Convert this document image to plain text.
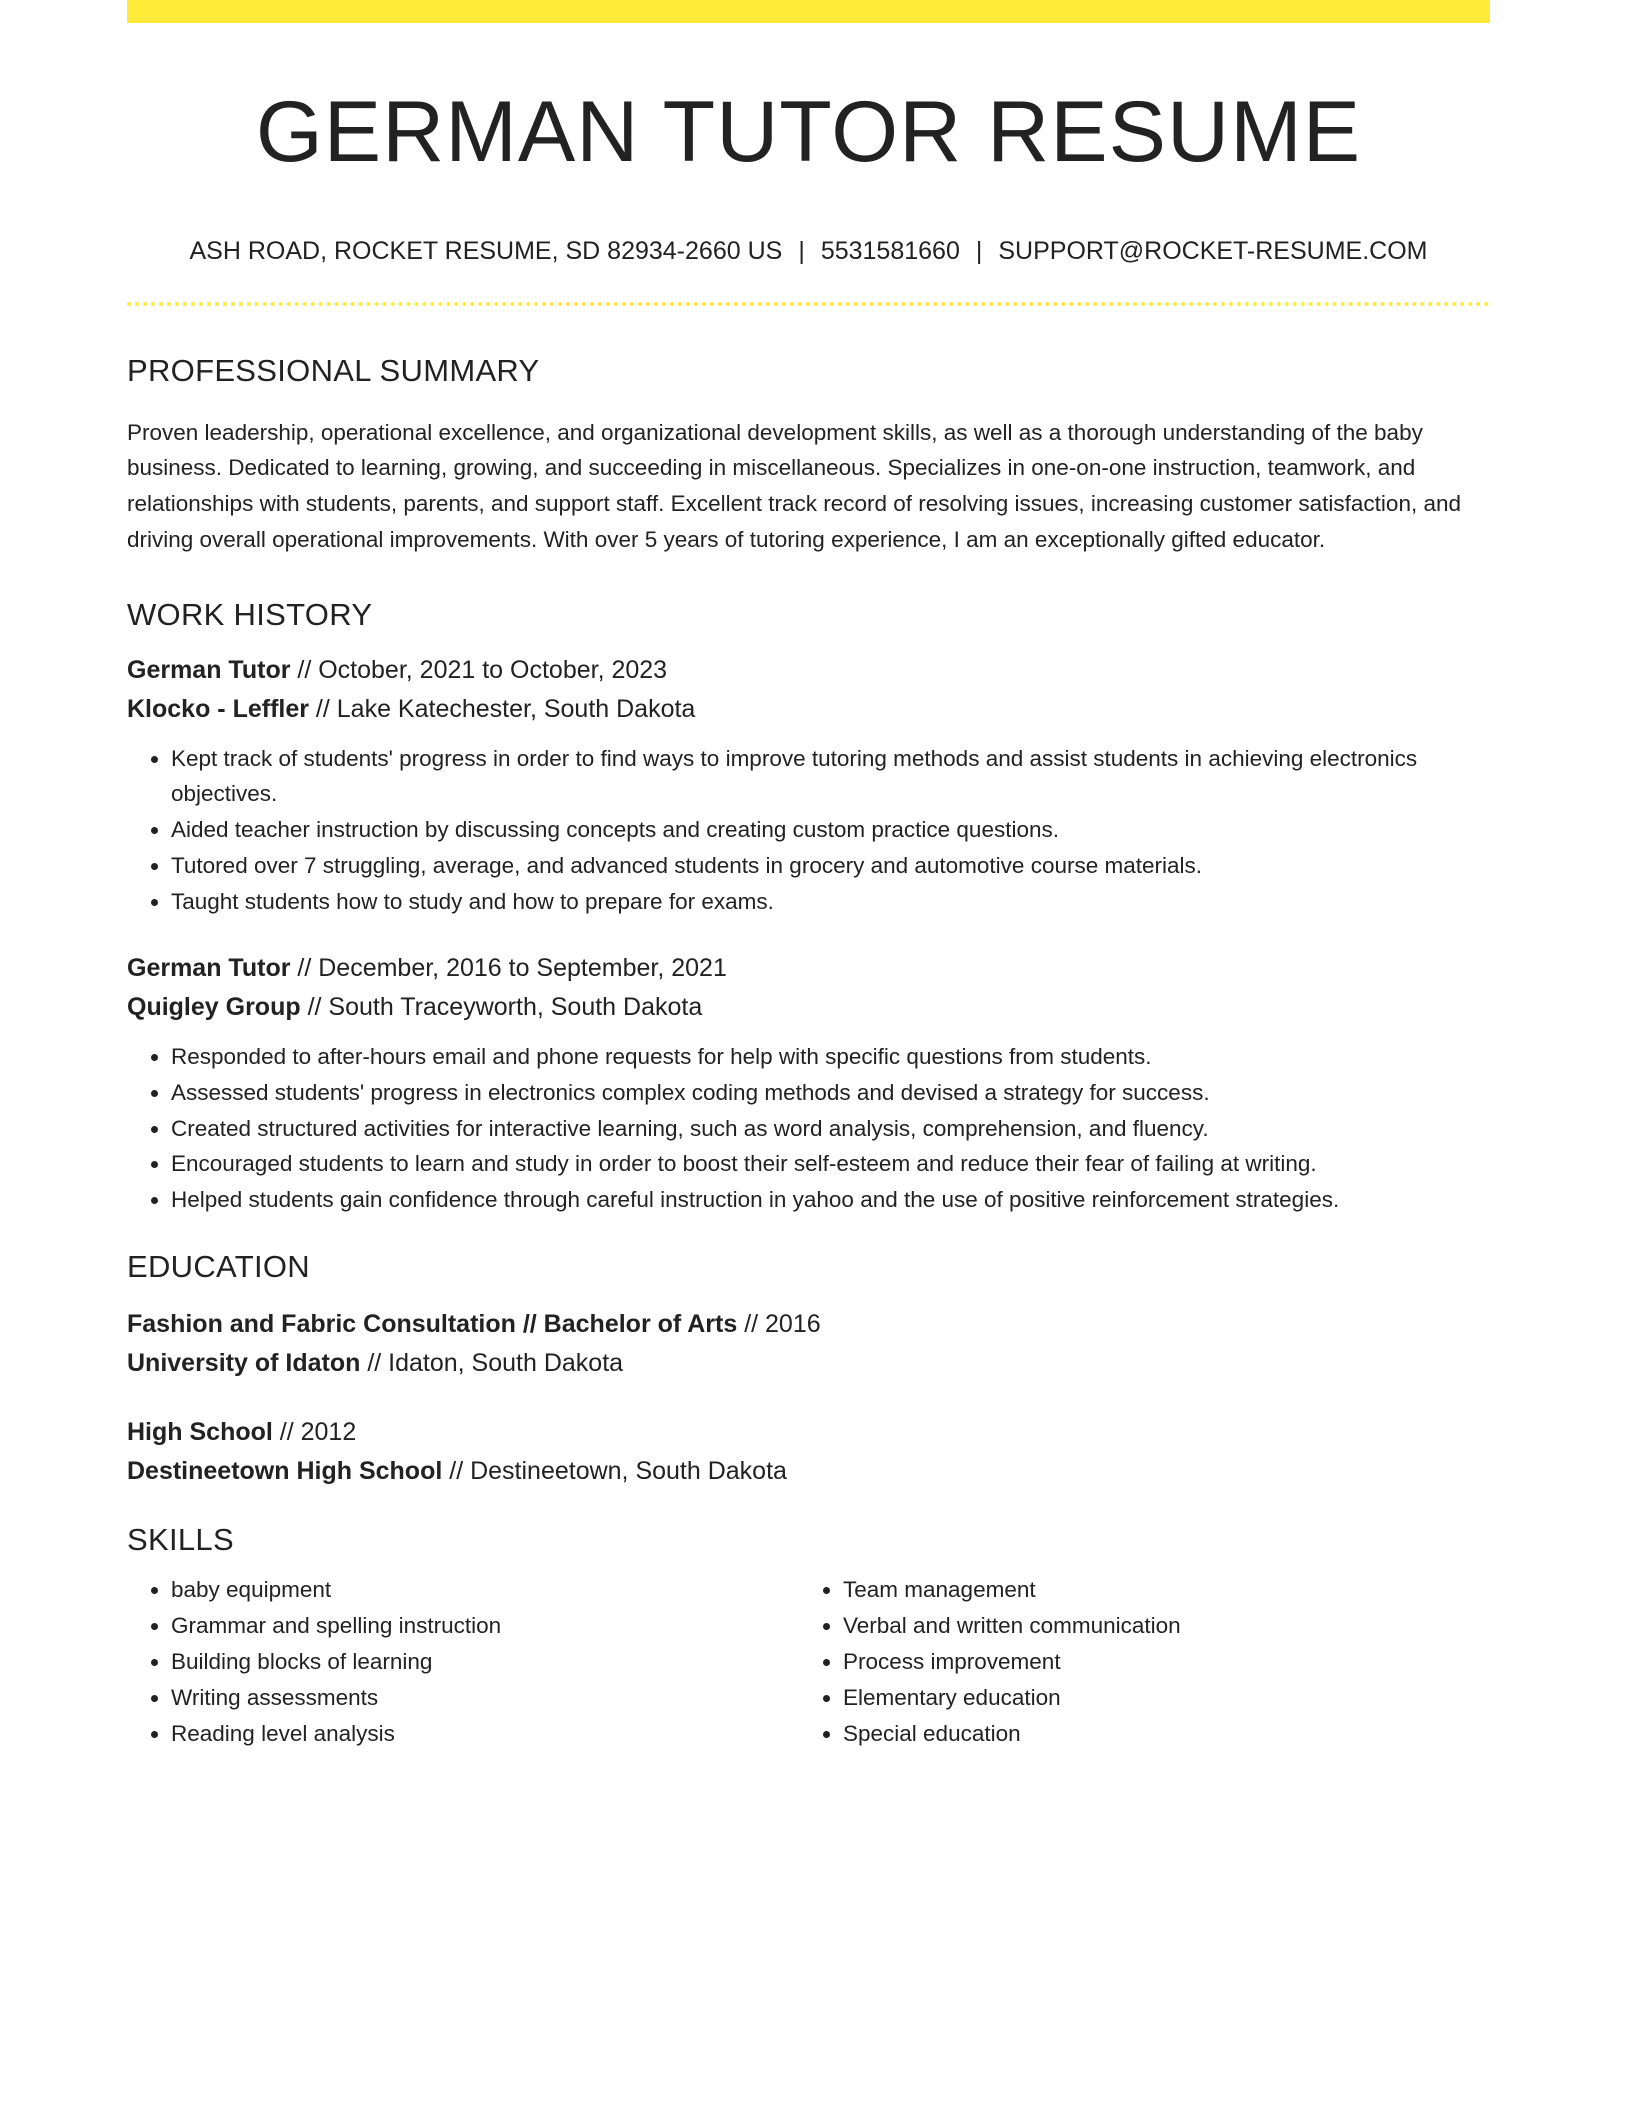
GERMAN TUTOR RESUME
ASH ROAD, ROCKET RESUME, SD 82934-2660 US | 5531581660 | SUPPORT@ROCKET-RESUME.COM
PROFESSIONAL SUMMARY

Proven leadership, operational excellence, and organizational development skills, as well as a thorough understanding of the baby business. Dedicated to learning, growing, and succeeding in miscellaneous. Specializes in one-on-one instruction, teamwork, and relationships with students, parents, and support staff. Excellent track record of resolving issues, increasing customer satisfaction, and driving overall operational improvements. With over 5 years of tutoring experience, I am an exceptionally gifted educator.

WORK HISTORY
German Tutor // October, 2021 to October, 2023
Klocko - Leffler // Lake Katechester, South Dakota
• Kept track of students' progress in order to find ways to improve tutoring methods and assist students in achieving electronics objectives.
• Aided teacher instruction by discussing concepts and creating custom practice questions.
• Tutored over 7 struggling, average, and advanced students in grocery and automotive course materials.
• Taught students how to study and how to prepare for exams.
German Tutor // December, 2016 to September, 2021
Quigley Group // South Traceyworth, South Dakota
• Responded to after-hours email and phone requests for help with specific questions from students.
• Assessed students' progress in electronics complex coding methods and devised a strategy for success.
• Created structured activities for interactive learning, such as word analysis, comprehension, and fluency.
• Encouraged students to learn and study in order to boost their self-esteem and reduce their fear of failing at writing.
• Helped students gain confidence through careful instruction in yahoo and the use of positive reinforcement strategies.
EDUCATION
Fashion and Fabric Consultation // Bachelor of Arts // 2016
University of Idaton // Idaton, South Dakota
High School // 2012
Destineetown High School // Destineetown, South Dakota
SKILLS
• baby equipment
• Grammar and spelling instruction
• Building blocks of learning
• Writing assessments
• Reading level analysis
• Team management
• Verbal and written communication
• Process improvement
• Elementary education
• Special education
